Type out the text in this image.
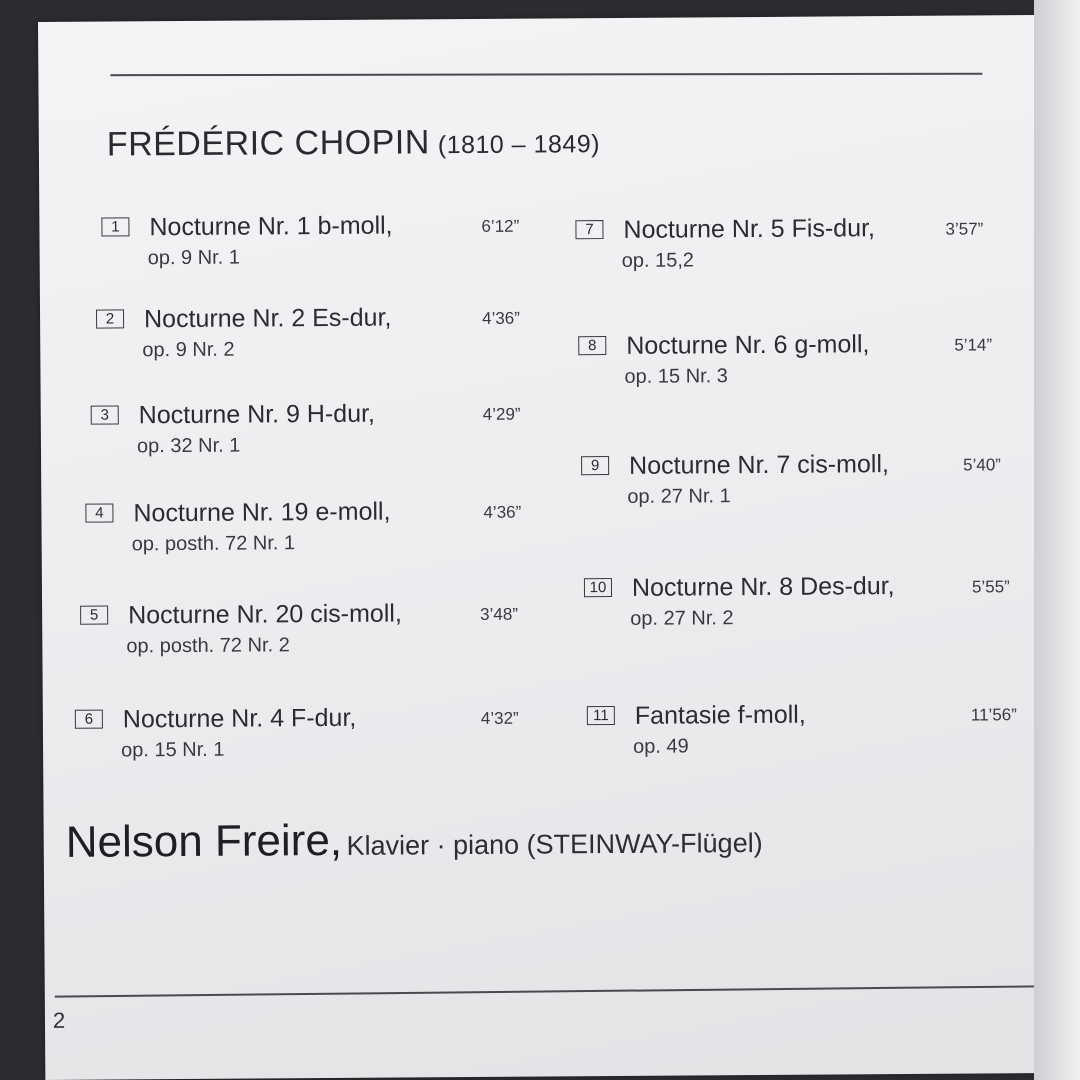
FRÉDÉRIC CHOPIN (1810 – 1849)
1	Nocturne Nr. 1 b-moll,
op. 9 Nr. 1
6’12”
2	Nocturne Nr. 2 Es-dur,
op. 9 Nr. 2
4’36”
3	Nocturne Nr. 9 H-dur,
op. 32 Nr. 1
4’29”
4	Nocturne Nr. 19 e-moll,
op. posth. 72 Nr. 1
4’36”
5	Nocturne Nr. 20 cis-moll,
op. posth. 72 Nr. 2
3’48”
6	Nocturne Nr. 4 F-dur,
op. 15 Nr. 1
4’32”
7	Nocturne Nr. 5 Fis-dur,
op. 15,2
3’57”
8	Nocturne Nr. 6 g-moll,
op. 15 Nr. 3
5’14”
9	Nocturne Nr. 7 cis-moll,
op. 27 Nr. 1
5’40”
10 Nocturne Nr. 8 Des-dur,
op. 27 Nr. 2
5’55”
11 Fantasie f-moll,
op. 49
11’56”
Nelson Freire, Klavier · piano (STEINWAY-Flügel)
2
